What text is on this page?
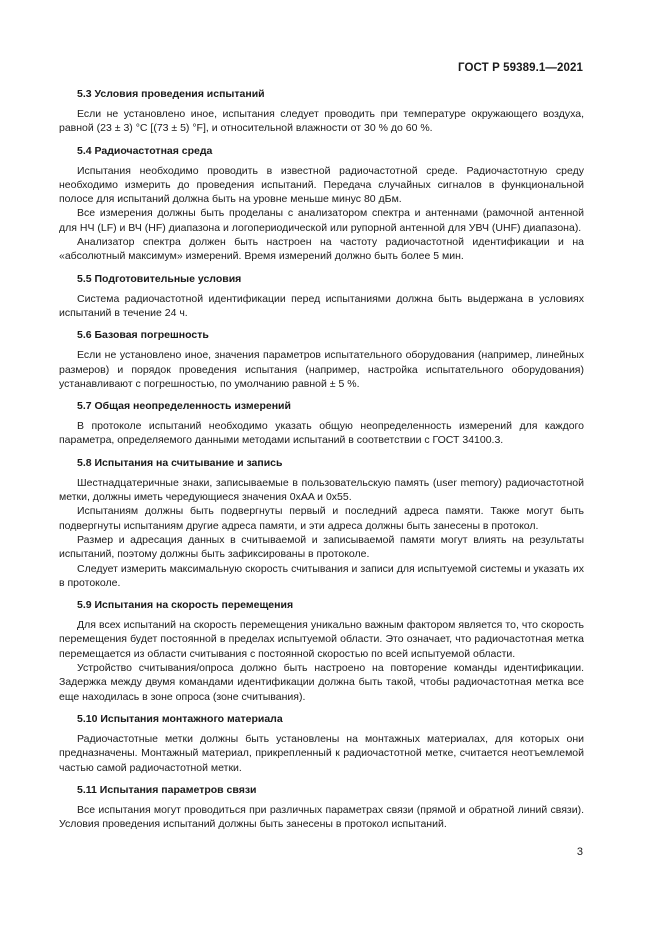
ГОСТ Р 59389.1—2021
5.3 Условия проведения испытаний

Если не установлено иное, испытания следует проводить при температуре окружающего воздуха, равной (23 ± 3) °C [(73 ± 5) °F], и относительной влажности от 30 % до 60 %.

5.4 Радиочастотная среда

Испытания необходимо проводить в известной радиочастотной среде. Радиочастотную среду необходимо измерить до проведения испытаний. Передача случайных сигналов в функциональной полосе для испытаний должна быть на уровне меньше минус 80 дБм.

Все измерения должны быть проделаны с анализатором спектра и антеннами (рамочной антенной для НЧ (LF) и ВЧ (HF) диапазона и логопериодической или рупорной антенной для УВЧ (UHF) диапазона).

Анализатор спектра должен быть настроен на частоту радиочастотной идентификации и на «абсолютный максимум» измерений. Время измерений должно быть более 5 мин.

5.5 Подготовительные условия

Система радиочастотной идентификации перед испытаниями должна быть выдержана в условиях испытаний в течение 24 ч.

5.6 Базовая погрешность

Если не установлено иное, значения параметров испытательного оборудования (например, линейных размеров) и порядок проведения испытания (например, настройка испытательного оборудования) устанавливают с погрешностью, по умолчанию равной ± 5 %.

5.7 Общая неопределенность измерений

В протоколе испытаний необходимо указать общую неопределенность измерений для каждого параметра, определяемого данными методами испытаний в соответствии с ГОСТ 34100.3.

5.8 Испытания на считывание и запись

Шестнадцатеричные знаки, записываемые в пользовательскую память (user memory) радиочастотной метки, должны иметь чередующиеся значения 0xAA и 0x55.

Испытаниям должны быть подвергнуты первый и последний адреса памяти. Также могут быть подвергнуты испытаниям другие адреса памяти, и эти адреса должны быть занесены в протокол.

Размер и адресация данных в считываемой и записываемой памяти могут влиять на результаты испытаний, поэтому должны быть зафиксированы в протоколе.

Следует измерить максимальную скорость считывания и записи для испытуемой системы и указать их в протоколе.

5.9 Испытания на скорость перемещения

Для всех испытаний на скорость перемещения уникально важным фактором является то, что скорость перемещения будет постоянной в пределах испытуемой области. Это означает, что радиочастотная метка перемещается из области считывания с постоянной скоростью по всей испытуемой области.

Устройство считывания/опроса должно быть настроено на повторение команды идентификации. Задержка между двумя командами идентификации должна быть такой, чтобы радиочастотная метка все еще находилась в зоне опроса (зоне считывания).

5.10 Испытания монтажного материала

Радиочастотные метки должны быть установлены на монтажных материалах, для которых они предназначены. Монтажный материал, прикрепленный к радиочастотной метке, считается неотъемлемой частью самой радиочастотной метки.

5.11 Испытания параметров связи

Все испытания могут проводиться при различных параметрах связи (прямой и обратной линий связи). Условия проведения испытаний должны быть занесены в протокол испытаний.

3
